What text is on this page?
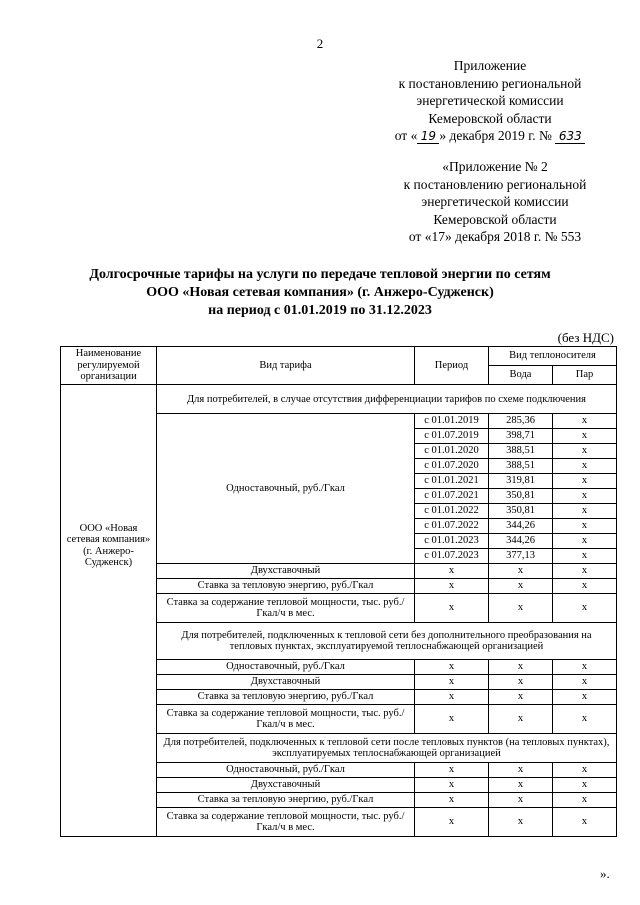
2
Приложение
к постановлению региональной
энергетической комиссии
Кемеровской области
от « 19 » декабря 2019 г. № 633
«Приложение № 2
к постановлению региональной
энергетической комиссии
Кемеровской области
от «17» декабря 2018 г. № 553
Долгосрочные тарифы на услуги по передаче тепловой энергии по сетям
ООО «Новая сетевая компания» (г. Анжеро-Судженск)
на период с 01.01.2019 по 31.12.2023
(без НДС)
Наименование регулируемой организации	Вид тарифа	Период	Вид теплоносителя	
			Вода	Пар
ООО «Новая сетевая компания» (г. Анжеро-Судженск)	Для потребителей, в случае отсутствия дифференциации тарифов по схеме подключения			
	Одноставочный, руб./Гкал	с 01.01.2019	285,36	х
		с 01.07.2019	398,71	х
		с 01.01.2020	388,51	х
		с 01.07.2020	388,51	х
		с 01.01.2021	319,81	х
		с 01.07.2021	350,81	х
		с 01.01.2022	350,81	х
		с 01.07.2022	344,26	х
		с 01.01.2023	344,26	х
		с 01.07.2023	377,13	х
	Двухставочный	х	х	х
	Ставка за тепловую энергию, руб./Гкал	х	х	х
	Ставка за содержание тепловой мощности, тыс. руб./Гкал/ч в мес.	х	х	х
	Для потребителей, подключенных к тепловой сети без дополнительного преобразования на тепловых пунктах, эксплуатируемой теплоснабжающей организацией			
	Одноставочный, руб./Гкал	х	х	х
	Двухставочный	х	х	х
	Ставка за тепловую энергию, руб./Гкал	х	х	х
	Ставка за содержание тепловой мощности, тыс. руб./Гкал/ч в мес.	х	х	х
	Для потребителей, подключенных к тепловой сети после тепловых пунктов (на тепловых пунктах), эксплуатируемых теплоснабжающей организацией			
	Одноставочный, руб./Гкал	х	х	х
	Двухставочный	х	х	х
	Ставка за тепловую энергию, руб./Гкал	х	х	х
	Ставка за содержание тепловой мощности, тыс. руб./Гкал/ч в мес.	х	х	х
».
